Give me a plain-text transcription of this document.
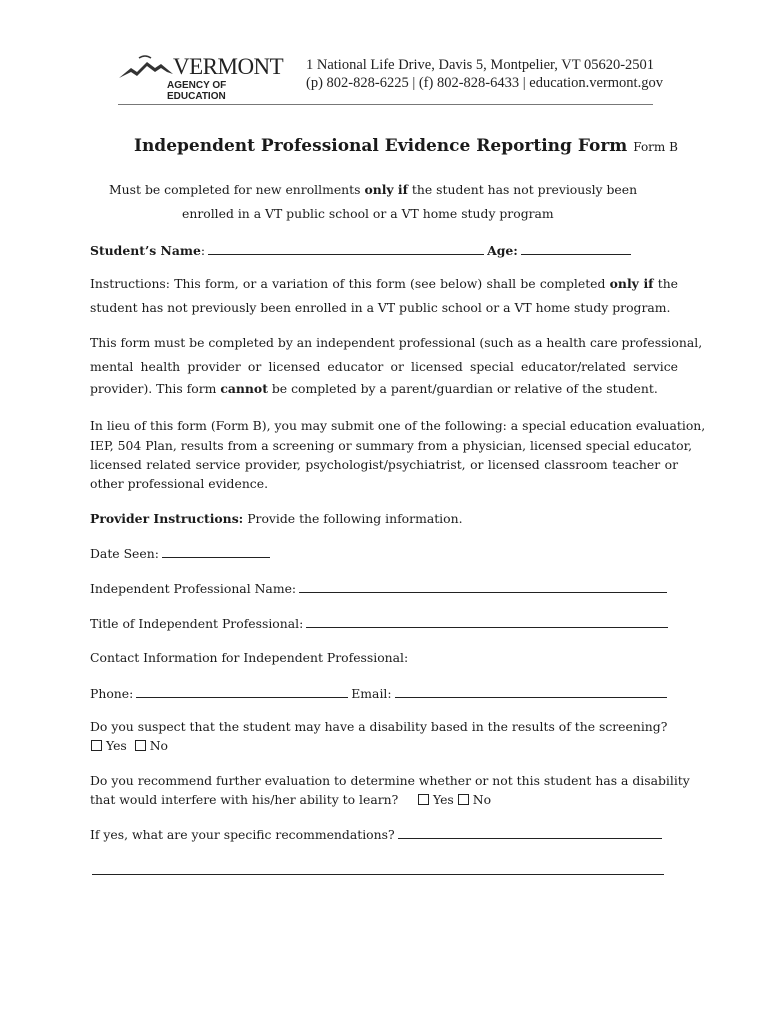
VERMONT
AGENCY OF EDUCATION
1 National Life Drive, Davis 5, Montpelier, VT 05620-2501
(p) 802-828-6225 | (f) 802-828-6433 | education.vermont.gov
Independent Professional Evidence Reporting Form Form B
Must be completed for new enrollments only if the student has not previously been
enrolled in a VT public school or a VT home study program
Student’s Name:	Age:
Instructions: This form, or a variation of this form (see below) shall be completed only if the
student has not previously been enrolled in a VT public school or a VT home study program.
This form must be completed by an independent professional (such as a health care professional,
mental health provider or licensed educator or licensed special educator/related service
provider). This form cannot be completed by a parent/guardian or relative of the student.
In lieu of this form (Form B), you may submit one of the following: a special education evaluation,
IEP, 504 Plan, results from a screening or summary from a physician, licensed special educator,
licensed related service provider, psychologist/psychiatrist, or licensed classroom teacher or
other professional evidence.
Provider Instructions: Provide the following information.
Date Seen:
Independent Professional Name:
Title of Independent Professional:
Contact Information for Independent Professional:
Phone:	Email:
Do you suspect that the student may have a disability based in the results of the screening?
Yes No
Do you recommend further evaluation to determine whether or not this student has a disability
that would interfere with his/her ability to learn?	Yes No
If yes, what are your specific recommendations?
